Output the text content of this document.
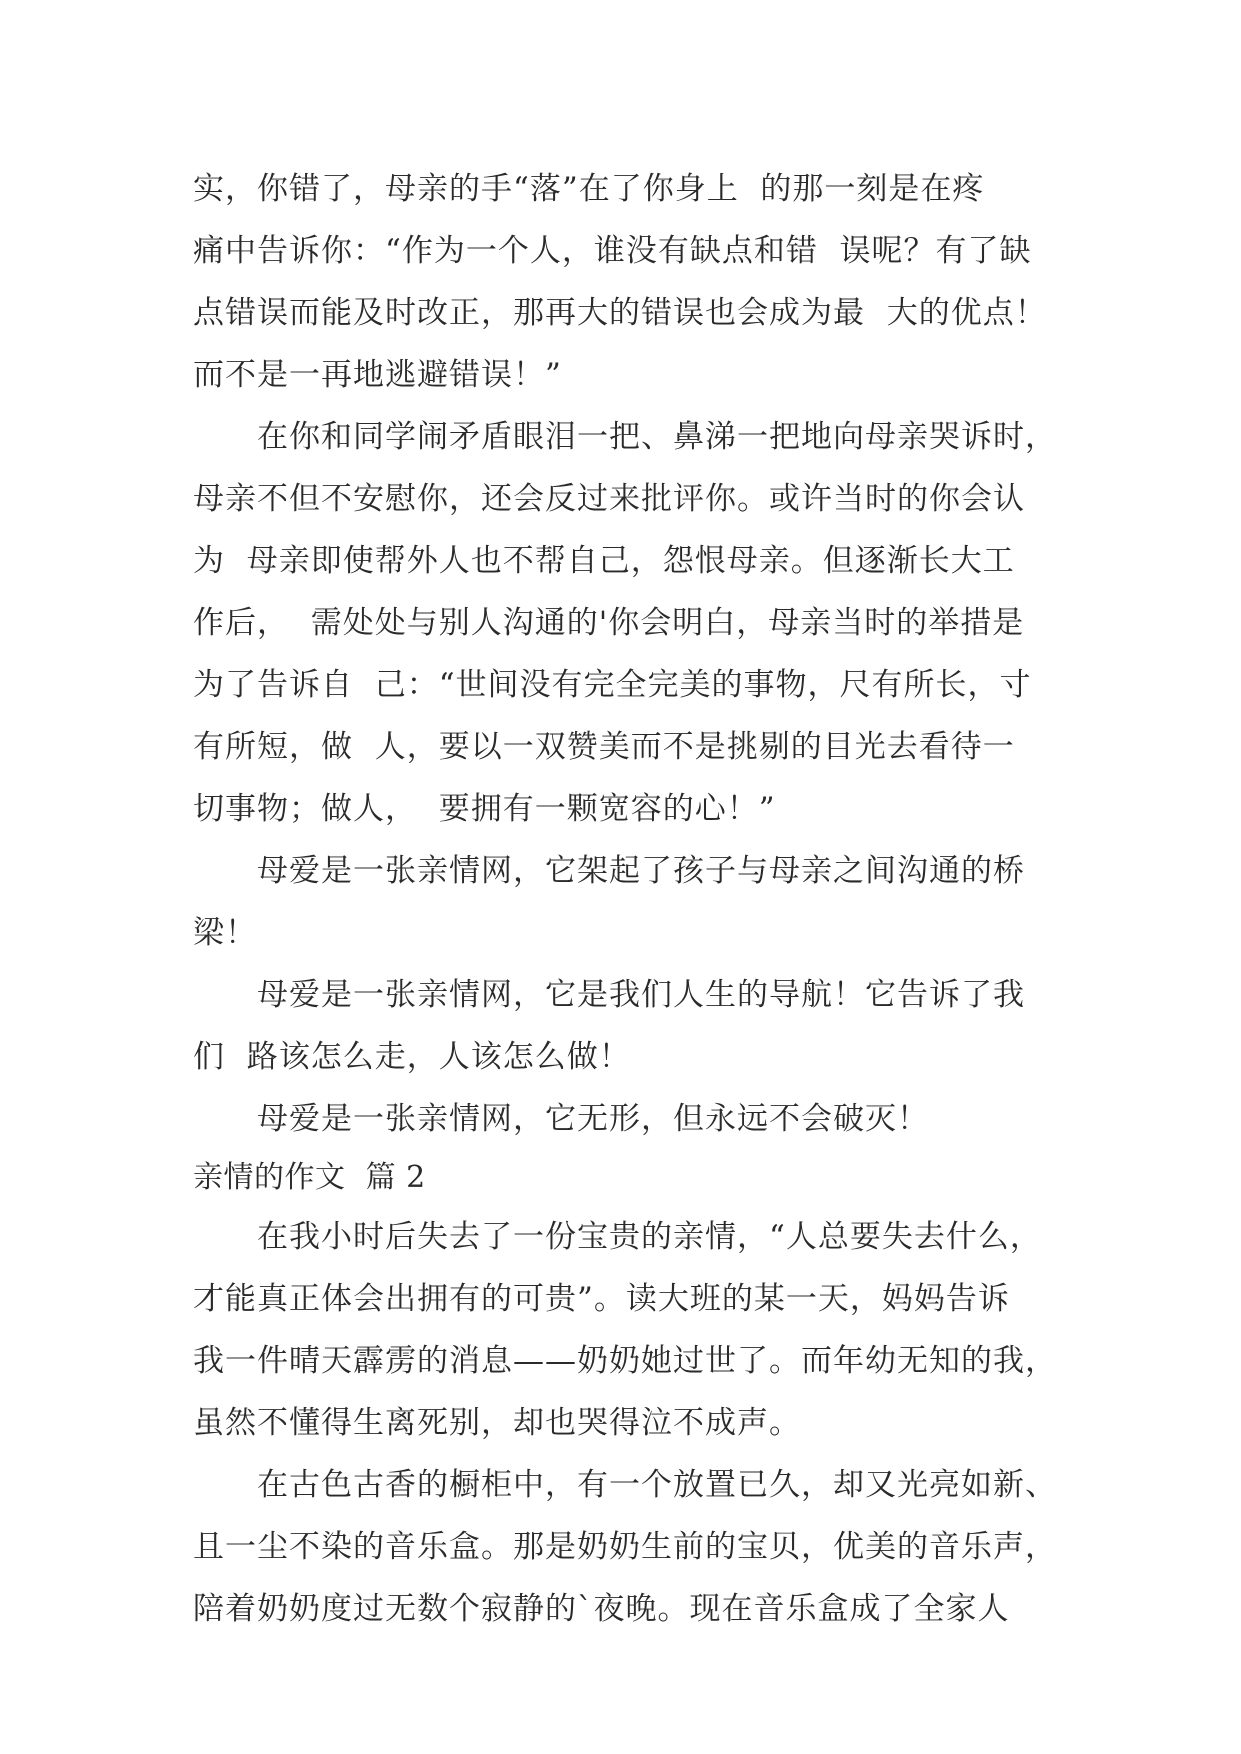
实，你错了，母亲的手“落”在了你身上  的那一刻是在疼
痛中告诉你：“作为一个人，谁没有缺点和错  误呢？有了缺
点错误而能及时改正，那再大的错误也会成为最  大的优点！
而不是一再地逃避错误！”
在你和同学闹矛盾眼泪一把、鼻涕一把地向母亲哭诉时，
母亲不但不安慰你，还会反过来批评你。或许当时的你会认
为  母亲即使帮外人也不帮自己，怨恨母亲。但逐渐长大工
作后，  需处处与别人沟通的'你会明白，母亲当时的举措是
为了告诉自  己：“世间没有完全完美的事物，尺有所长，寸
有所短，做  人，要以一双赞美而不是挑剔的目光去看待一
切事物；做人，  要拥有一颗宽容的心！”
母爱是一张亲情网，它架起了孩子与母亲之间沟通的桥
梁！
母爱是一张亲情网，它是我们人生的导航！它告诉了我
们  路该怎么走，人该怎么做！
母爱是一张亲情网，它无形，但永远不会破灭！
亲情的作文  篇 2
在我小时后失去了一份宝贵的亲情，“人总要失去什么，
才能真正体会出拥有的可贵”。读大班的某一天，妈妈告诉
我一件晴天霹雳的消息——奶奶她过世了。而年幼无知的我，
虽然不懂得生离死别，却也哭得泣不成声。
在古色古香的橱柜中，有一个放置已久，却又光亮如新、
且一尘不染的音乐盒。那是奶奶生前的宝贝，优美的音乐声，
陪着奶奶度过无数个寂静的`夜晚。现在音乐盒成了全家人
